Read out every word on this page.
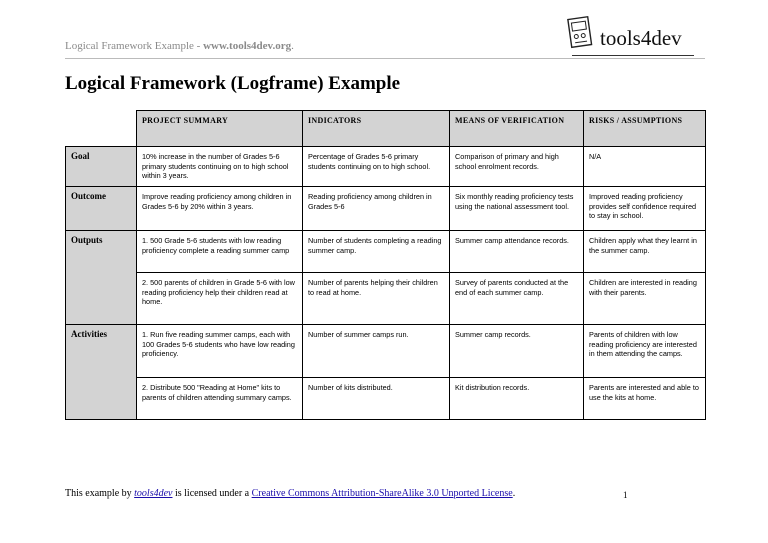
Logical Framework Example - www.tools4dev.org.	tools4dev
Logical Framework (Logframe) Example
	PROJECT SUMMARY	INDICATORS	MEANS OF VERIFICATION	RISKS / ASSUMPTIONS
Goal	10% increase in the number of Grades 5-6 primary students continuing on to high school within 3 years.	Percentage of Grades 5-6 primary students continuing on to high school.	Comparison of primary and high school enrolment records.	N/A
Outcome	Improve reading proficiency among children in Grades 5-6 by 20% within 3 years.	Reading proficiency among children in Grades 5-6	Six monthly reading proficiency tests using the national assessment tool.	Improved reading proficiency provides self confidence required to stay in school.
Outputs	1. 500 Grade 5-6 students with low reading proficiency complete a reading summer camp	Number of students completing a reading summer camp.	Summer camp attendance records.	Children apply what they learnt in the summer camp.
	2. 500 parents of children in Grade 5-6 with low reading proficiency help their children read at home.	Number of parents helping their children to read at home.	Survey of parents conducted at the end of each summer camp.	Children are interested in reading with their parents.
Activities	1. Run five reading summer camps, each with 100 Grades 5-6 students who have low reading proficiency.	Number of summer camps run.	Summer camp records.	Parents of children with low reading proficiency are interested in them attending the camps.
	2. Distribute 500 "Reading at Home" kits to parents of children attending summary camps.	Number of kits distributed.	Kit distribution records.	Parents are interested and able to use the kits at home.
This example by tools4dev is licensed under a Creative Commons Attribution-ShareAlike 3.0 Unported License.	1
